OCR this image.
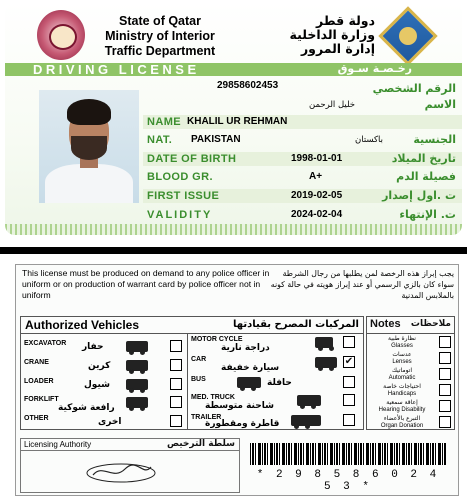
State of Qatar
Ministry of Interior
Traffic Department
دولة قطر
وزارة الداخلية
إدارة المرور
DRIVING LICENSE	رخـصـة سـوق
29858602453	الرقم الشخصي
خليل الرحمن	الاسم
NAME KHALIL UR REHMAN
NAT. PAKISTAN	باكستان	الجنسية
DATE OF BIRTH	1998-01-01	تاريخ الميلاد
BLOOD GR.	A+	فصيلة الدم
FIRST ISSUE	2019-02-05	ت .اول إصدار
VALIDITY	2024-02-04	ت. الإنتهاء
This license must be produced on demand to any police officer in uniform or on production of warrant card by police officer not in uniform
يجب إبراز هذه الرخصة لمن يطلبها من رجال الشرطة سواء كان بالزي الرسمي أو عند إبراز هويته في حالة كونه بالملابس المدنية
Authorized Vehicles	المركبات المصرح بقيادتها
EXCAVATOR حفار
CRANE	كرين
LOADER	شيول
FORKLIFT
رافعة شوكية
OTHER	اخرى
MOTOR CYCLE
دراجة نارية
CAR
سيارة خفيفة
✔
BUS	حافلة
MED. TRUCK
شاحنة متوسطة
TRAILER
قاطرة ومقطورة
Notes ملاحظات
نظارة طبية
Glasses
عدسات
Lenses
اتوماتيك
Automatic
احتياجات خاصة
Handicaps
إعاقة سمعية
Hearing Disability
التبرع بالأعضاء
Organ Donation
Licensing Authority	سلطة الترخيص
* 2 9 8 5 8 6 0 2 4 5 3 *
